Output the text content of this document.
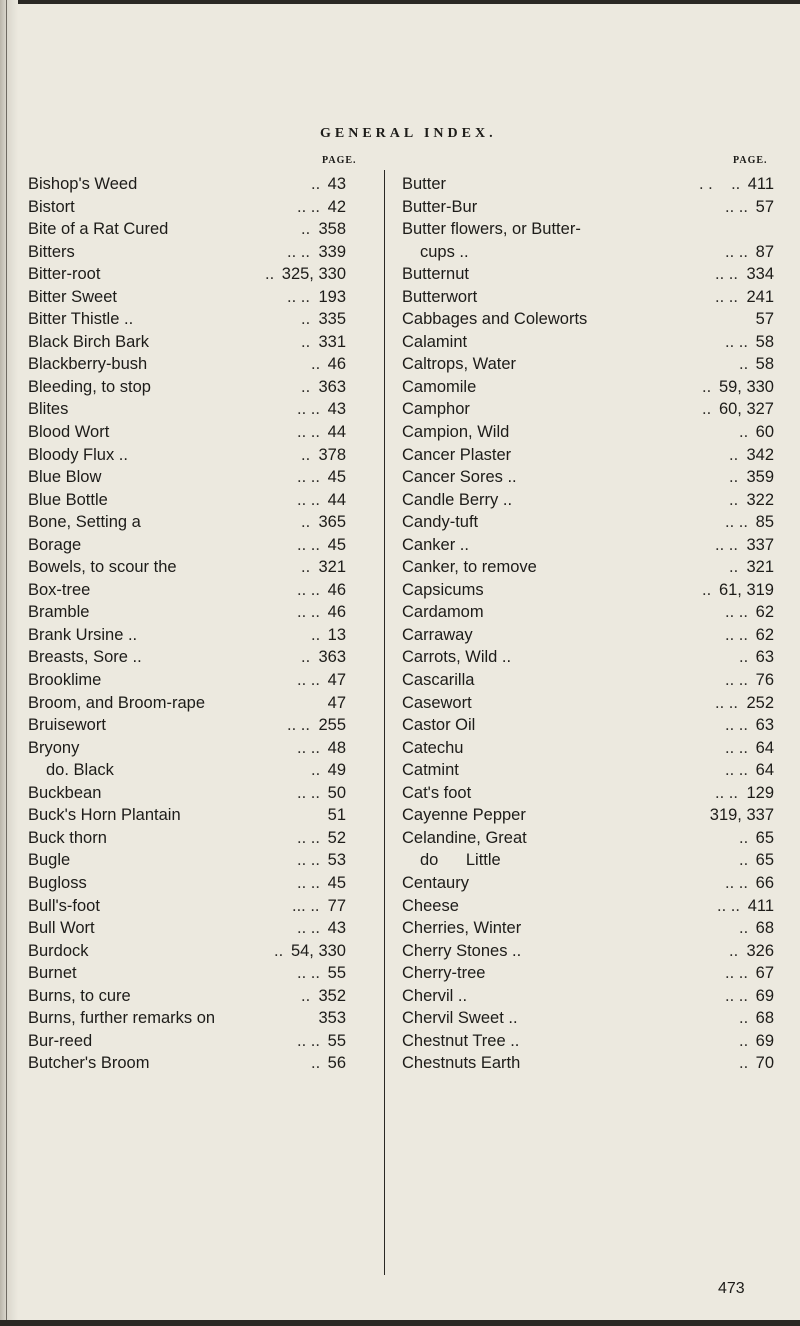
GENERAL INDEX.
PAGE.	PAGE.
Bishop's Weed	.. 43
Bistort	.. .. 42
Bite of a Rat Cured	.. 358
Bitters	.. .. 339
Bitter-root	.. 325, 330
Bitter Sweet	.. .. 193
Bitter Thistle ..	.. 335
Black Birch Bark	.. 331
Blackberry-bush	.. 46
Bleeding, to stop	.. 363
Blites	.. .. 43
Blood Wort	.. .. 44
Bloody Flux ..	.. 378
Blue Blow	.. .. 45
Blue Bottle	.. .. 44
Bone, Setting a	.. 365
Borage	.. .. 45
Bowels, to scour the	.. 321
Box-tree	.. .. 46
Bramble	.. .. 46
Brank Ursine ..	.. 13
Breasts, Sore ..	.. 363
Brooklime	.. .. 47
Broom, and Broom-rape	47
Bruisewort	.. .. 255
Bryony	.. .. 48
do. Black	.. 49
Buckbean	.. .. 50
Buck's Horn Plantain	51
Buck thorn	.. .. 52
Bugle	.. .. 53
Bugloss	.. .. 45
Bull's-foot	... .. 77
Bull Wort	.. .. 43
Burdock	.. 54, 330
Burnet	.. .. 55
Burns, to cure	.. 352
Burns, further remarks on	353
Bur-reed	.. .. 55
Butcher's Broom	.. 56
Butter	. .    .. 411
Butter-Bur	.. .. 57
Butter flowers, or Butter-
cups ..	.. .. 87
Butternut	.. .. 334
Butterwort	.. .. 241
Cabbages and Coleworts	57
Calamint	.. .. 58
Caltrops, Water	.. 58
Camomile	.. 59, 330
Camphor	.. 60, 327
Campion, Wild	.. 60
Cancer Plaster	.. 342
Cancer Sores ..	.. 359
Candle Berry ..	.. 322
Candy-tuft	.. .. 85
Canker ..	.. .. 337
Canker, to remove	.. 321
Capsicums	.. 61, 319
Cardamom	.. .. 62
Carraway	.. .. 62
Carrots, Wild ..	.. 63
Cascarilla	.. .. 76
Casewort	.. .. 252
Castor Oil	.. .. 63
Catechu	.. .. 64
Catmint	.. .. 64
Cat's foot	.. .. 129
Cayenne Pepper	319, 337
Celandine, Great	.. 65
do      Little	.. 65
Centaury	.. .. 66
Cheese	.. .. 411
Cherries, Winter	.. 68
Cherry Stones ..	.. 326
Cherry-tree	.. .. 67
Chervil ..	.. .. 69
Chervil Sweet ..	.. 68
Chestnut Tree ..	.. 69
Chestnuts Earth	.. 70
473
